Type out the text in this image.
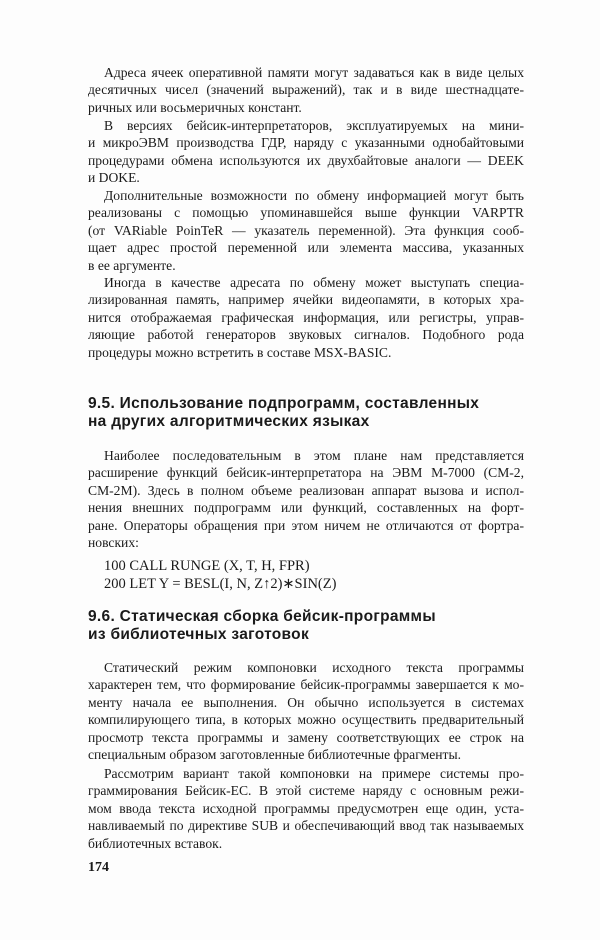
Адреса ячеек оперативной памяти могут задаваться как в виде целых
десятичных чисел (значений выражений), так и в виде шестнадцате-
ричных или восьмеричных констант.
В версиях бейсик-интерпретаторов, эксплуатируемых на мини-
и микроЭВМ производства ГДР, наряду с указанными однобайтовыми
процедурами обмена используются их двухбайтовые аналоги — DEEK
и DOKE.
Дополнительные возможности по обмену информацией могут быть
реализованы с помощью упоминавшейся выше функции VARPTR
(от VARiable PoinTeR — указатель переменной). Эта функция сооб-
щает адрес простой переменной или элемента массива, указанных
в ее аргументе.
Иногда в качестве адресата по обмену может выступать специа-
лизированная память, например ячейки видеопамяти, в которых хра-
нится отображаемая графическая информация, или регистры, управ-
ляющие работой генераторов звуковых сигналов. Подобного рода
процедуры можно встретить в составе MSX-BASIC.
9.5. Использование подпрограмм, составленных
на других алгоритмических языках
Наиболее последовательным в этом плане нам представляется
расширение функций бейсик-интерпретатора на ЭВМ М-7000 (СМ-2,
СМ-2М). Здесь в полном объеме реализован аппарат вызова и испол-
нения внешних подпрограмм или функций, составленных на форт-
ране. Операторы обращения при этом ничем не отличаются от фортра-
новских:
100 CALL RUNGE (X, T, H, FPR)
200 LET Y = BESL(I, N, Z↑2)∗SIN(Z)
9.6. Статическая сборка бейсик-программы
из библиотечных заготовок
Статический режим компоновки исходного текста программы
характерен тем, что формирование бейсик-программы завершается к мо-
менту начала ее выполнения. Он обычно используется в системах
компилирующего типа, в которых можно осуществить предварительный
просмотр текста программы и замену соответствующих ее строк на
специальным образом заготовленные библиотечные фрагменты.
Рассмотрим вариант такой компоновки на примере системы про-
граммирования Бейсик-ЕС. В этой системе наряду с основным режи-
мом ввода текста исходной программы предусмотрен еще один, уста-
навливаемый по директиве SUB и обеспечивающий ввод так называемых
библиотечных вставок.
174
